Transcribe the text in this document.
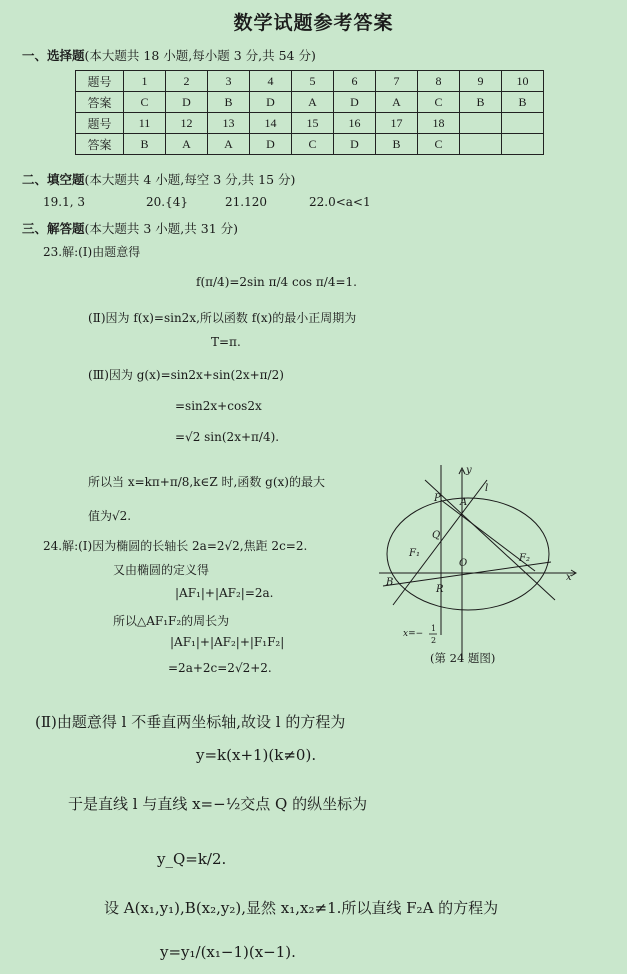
数学试题参考答案
一、选择题(本大题共 18 小题,每小题 3 分,共 54 分)
题号	1	2	3	4	5	6	7	8	9	10
答案	C	D	B	D	A	D	A	C	B	B
题号	11	12	13	14	15	16	17	18		
答案	B	A	A	D	C	D	B	C		
二、填空题(本大题共 4 小题,每空 3 分,共 15 分)
19.1, 3	20.{4}	21.120	22.0<a<1
三、解答题(本大题共 3 小题,共 31 分)
23.解:(Ⅰ)由题意得
f(π/4)=2sin π/4 cos π/4=1.
(Ⅱ)因为 f(x)=sin2x,所以函数 f(x)的最小正周期为
T=π.
(Ⅲ)因为 g(x)=sin2x+sin(2x+π/2)
=sin2x+cos2x
=√2 sin(2x+π/4).
所以当 x=kπ+π/8,k∈Z 时,函数 g(x)的最大
值为√2.
24.解:(Ⅰ)因为椭圆的长轴长 2a=2√2,焦距 2c=2.
又由椭圆的定义得
|AF₁|+|AF₂|=2a.
所以△AF₁F₂的周长为
|AF₁|+|AF₂|+|F₁F₂|
=2a+2c=2√2+2.
y
P A
l
Q
F₁
O	F₂
B
R
x
x=−
1
2
(第 24 题图)
(Ⅱ)由题意得 l 不垂直两坐标轴,故设 l 的方程为
y=k(x+1)(k≠0).
于是直线 l 与直线 x=−½交点 Q 的纵坐标为
y_Q=k/2.
设 A(x₁,y₁),B(x₂,y₂),显然 x₁,x₂≠1.所以直线 F₂A 的方程为
y=y₁/(x₁−1)(x−1).
